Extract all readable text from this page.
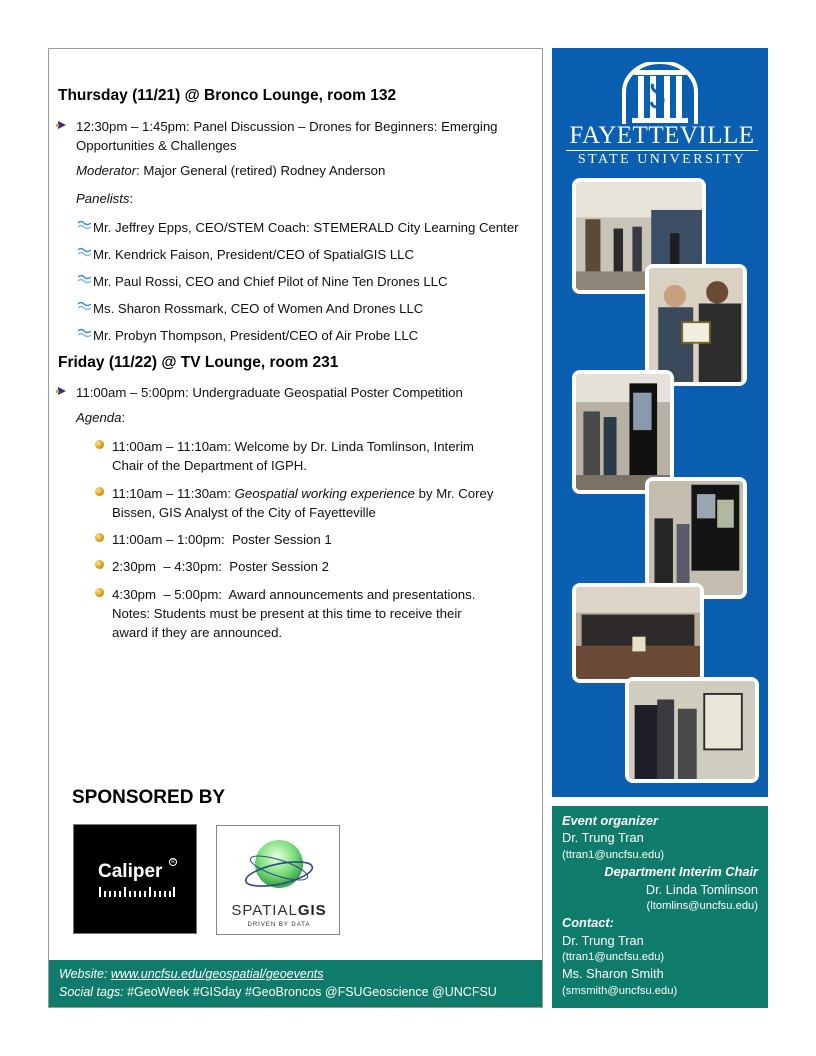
Thursday (11/21) @ Bronco Lounge, room 132
12:30pm – 1:45pm: Panel Discussion – Drones for Beginners: Emerging
Opportunities & Challenges
Moderator: Major General (retired) Rodney Anderson
Panelists:
Mr. Jeffrey Epps, CEO/STEM Coach: STEMERALD City Learning Center
Mr. Kendrick Faison, President/CEO of SpatialGIS LLC
Mr. Paul Rossi, CEO and Chief Pilot of Nine Ten Drones LLC
Ms. Sharon Rossmark, CEO of Women And Drones LLC
Mr. Probyn Thompson, President/CEO of Air Probe LLC
Friday (11/22) @ TV Lounge, room 231
11:00am – 5:00pm: Undergraduate Geospatial Poster Competition
Agenda:
11:00am – 11:10am: Welcome by Dr. Linda Tomlinson, Interim
Chair of the Department of IGPH.
11:10am – 11:30am: Geospatial working experience by Mr. Corey
Bissen, GIS Analyst of the City of Fayetteville
11:00am – 1:00pm:  Poster Session 1
2:30pm  – 4:30pm:  Poster Session 2
4:30pm  – 5:00pm:  Award announcements and presentations.
Notes: Students must be present at this time to receive their
award if they are announced.
SPONSORED BY
Caliper	R
SPATIALGIS
DRIVEN BY DATA
Website: www.uncfsu.edu/geospatial/geoevents
Social tags: #GeoWeek #GISday #GeoBroncos @FSUGeoscience @UNCFSU
FAYETTEVILLE
STATE UNIVERSITY
Event organizer
Dr. Trung Tran
(ttran1@uncfsu.edu)
Department Interim Chair
Dr. Linda Tomlinson
(ltomlins@uncfsu.edu)
Contact:
Dr. Trung Tran
(ttran1@uncfsu.edu)
Ms. Sharon Smith
(smsmith@uncfsu.edu)
